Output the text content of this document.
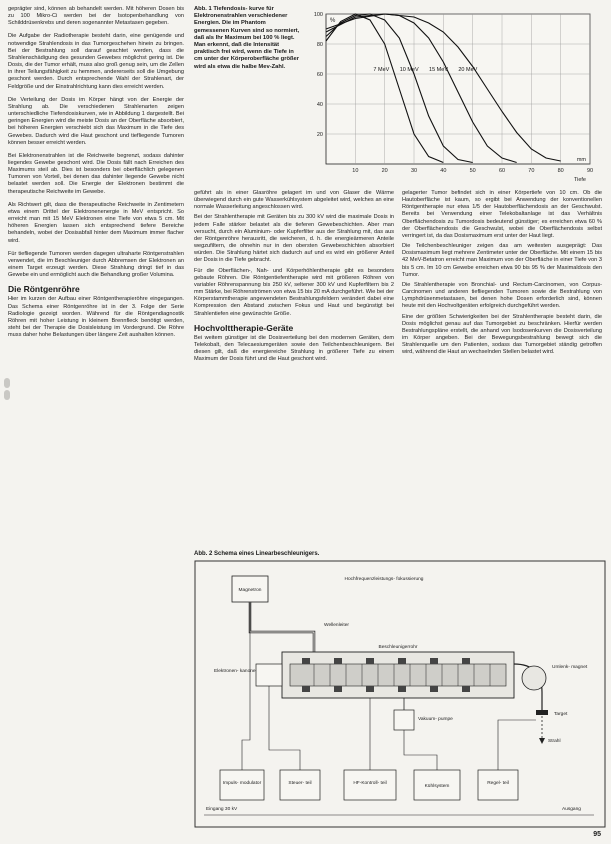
geprägter sind, können ab behandelt werden. Mit höheren Dosen bis zu 100 Mikro-Ci werden bei der Isotopenbehandlung von Schilddrüsenkrebs und deren sogenannter Metastasen gegeben.

Die Aufgabe der Radiotherapie besteht darin, eine genügende und notwendige Strahlendosis in das Tumorgeschehen hinein zu bringen. Bei der Bestrahlung soll darauf geachtet werden, dass die Strahlenschädigung des gesunden Gewebes möglichst gering ist. Die Dosis, die der Tumor erhält, muss also groß genug sein, um die Zellen in ihrer Teilungsfähigkeit zu hemmen, andererseits soll die Umgebung geschont werden. Durch entsprechende Wahl der Strahlenart, der Feldgröße und der Einstrahlrichtung kann dies erreicht werden.

Die Verteilung der Dosis im Körper hängt von der Energie der Strahlung ab. Die verschiedenen Strahlenarten zeigen unterschiedliche Tiefendosiskurven, wie in Abbildung 1 dargestellt. Bei geringen Energien wird die meiste Dosis an der Oberfläche absorbiert, bei höheren Energien verschiebt sich das Maximum in die Tiefe des Gewebes. Dadurch wird die Haut geschont und tiefliegende Tumoren können besser erreicht werden.

Bei Elektronenstrahlen ist die Reichweite begrenzt, sodass dahinter liegendes Gewebe geschont wird. Die Dosis fällt nach Erreichen des Maximums steil ab. Dies ist besonders bei oberflächlich gelegenen Tumoren von Vorteil, bei denen das dahinter liegende Gewebe nicht belastet werden soll. Die Energie der Elektronen bestimmt die therapeutische Reichweite im Gewebe.

Als Richtwert gilt, dass die therapeutische Reichweite in Zentimetern etwa einem Drittel der Elektronenenergie in MeV entspricht. So erreicht man mit 15 MeV Elektronen eine Tiefe von etwa 5 cm. Mit höheren Energien lassen sich entsprechend tiefere Bereiche behandeln, wobei der Dosisabfall hinter dem Maximum immer flacher wird.

Für tiefliegende Tumoren werden dagegen ultraharte Röntgenstrahlen verwendet, die im Beschleuniger durch Abbremsen der Elektronen an einem Target erzeugt werden. Diese Strahlung dringt tief in das Gewebe ein und ermöglicht auch die Behandlung großer Volumina.

Die Röntgenröhre

Hier im kurzen der Aufbau einer Röntgentherapieröhre eingegangen. Das Schema einer Röntgenröhre ist in der 3. Folge der Serie Radiologie gezeigt worden. Während für die Röntgendiagnostik Röhren mit hoher Leistung in kleinem Brennfleck benötigt werden, steht bei der Therapie die Dosisleistung im Vordergrund. Die Röhre muss daher hohe Belastungen über längere Zeit aushalten können.

Abb. 1 Tiefendosis- kurve für Elektronenstrahlen verschiedener Energien. Die im Phantom gemessenen Kurven sind so normiert, daß als Ihr Maximum bei 100 % liegt. Man erkennt, daß die Intensität praktisch frei wird, wenn die Tiefe in cm unter der Körperoberfläche größer wird als etwa die halbe Mev-Zahl.
20
40
60
80
100
10	20	30	40	50	60	70	80	90
%
Tiefe
mm
7 MeV 10 MeV 15 MeV 20 MeV

geführt als in einer Glasröhre gelagert im und von Glaser die Wärme überwiegend durch ein gute Wasserkühlsystem abgeleitet wird, welches an eine normale Wasserleitung angeschlossen wird.

Bei der Strahlentherapie mit Geräten bis zu 300 kV wird die maximale Dosis in jedem Falle stärker belastet als die tieferen Gewebeschichten. Aber man versucht, durch ein Aluminium- oder Kupferfilter aus der Strahlung mit, das aus der Röntgenröhre herausritt, die weicheren, d. h. die energieärmeren Anteile wegzufiltern, die ohnehin nur in den obersten Gewebeschichten absorbiert würden. Die Strahlung härtet sich dadurch auf und es wird ein größerer Anteil der Dosis in die Tiefe gebracht.

Für die Oberflächen-, Nah- und Körperhöhlentherapie gibt es besonders gebaute Röhren. Die Röntgentiefentherapie wird mit größeren Röhren von variabler Röhrenspannung bis 250 kV, seltener 300 kV und Kupferfiltern bis 2 mm Stärke, bei Röhrenströmen von etwa 15 bis 20 mA durchgeführt. Wie bei der Körperstammtherapie angewendeten Bestrahlungsfeldern verändert dabei eine Kompression den Abstand zwischen Fokus und Haut und begünstigt bei Strahlentiefen eine gewünschte Größe.

Hochvolttherapie-Geräte

Bei weitem günstiger ist die Dosisverteilung bei den modernen Geräten, dem Telekobalt, den Telecaesiumgeräten sowie den Teilchenbeschleunigern. Bei diesen gilt, daß die energiereiche Strahlung in größerer Tiefe zu einem Maximum der Dosis führt und die Haut geschont wird.

gelagerter Tumor befindet sich in einer Körpertiefe von 10 cm. Ob die Hautoberfläche ist kaum, so ergibt bei Anwendung der konventionellen Röntgentherapie nur etwa 1/5 der Hautoberflächendosis an der Geschwulst. Bereits bei Verwendung einer Telekobaltanlage ist das Verhältnis Oberflächendosis zu Tumordosis bedeutend günstiger; es erreichen etwa 60 % der Oberflächendosis die Geschwulst, wobei die Oberflächendosis selbst verringert ist, da das Dosismaximum erst unter der Haut liegt.

Die Teilchenbeschleuniger zeigen das am weitesten ausgeprägt: Das Dosismaximum liegt mehrere Zentimeter unter der Oberfläche. Mit einem 15 bis 42 MeV-Betatron erreicht man Maximum von der Oberfläche in einer Tiefe von 3 bis 5 cm. Im 10 cm Gewebe erreichen etwa 90 bis 95 % der Maximaldosis den Tumor.

Die Strahlentherapie von Bronchial- und Rectum-Carcinomen, von Corpus-Carcinomen und anderen tiefliegenden Tumoren sowie die Bestrahlung von Lymphdrüsenmetastasen, bei denen hohe Dosen erforderlich sind, können heute mit den Hochvoltgeräten erfolgreich durchgeführt werden.

Eine der größten Schwierigkeiten bei der Strahlentherapie besteht darin, die Dosis möglichst genau auf das Tumorgebiet zu beschränken. Hierfür werden Bestrahlungspläne erstellt, die anhand von Isodosenkurven die Dosisverteilung im Körper angeben. Bei der Bewegungsbestrahlung bewegt sich die Strahlenquelle um den Patienten, sodass das Tumorgebiet ständig getroffen wird, während die Haut an wechselnden Stellen belastet wird.

Abb. 2 Schema eines Linearbeschleunigers.
Magnetron
Hochfrequenzleistungs- fokussierung
Wellenleiter
Beschleunigerrohr
Elektronen- kanone
Umlenk- magnet
Target
Strahl
Vakuum- pumpe
Impuls- modulator	Steuer- teil	HF-Kontroll- teil
Kühlsystem
Regel- teil
Eingang 30 kV	Ausgang
95
